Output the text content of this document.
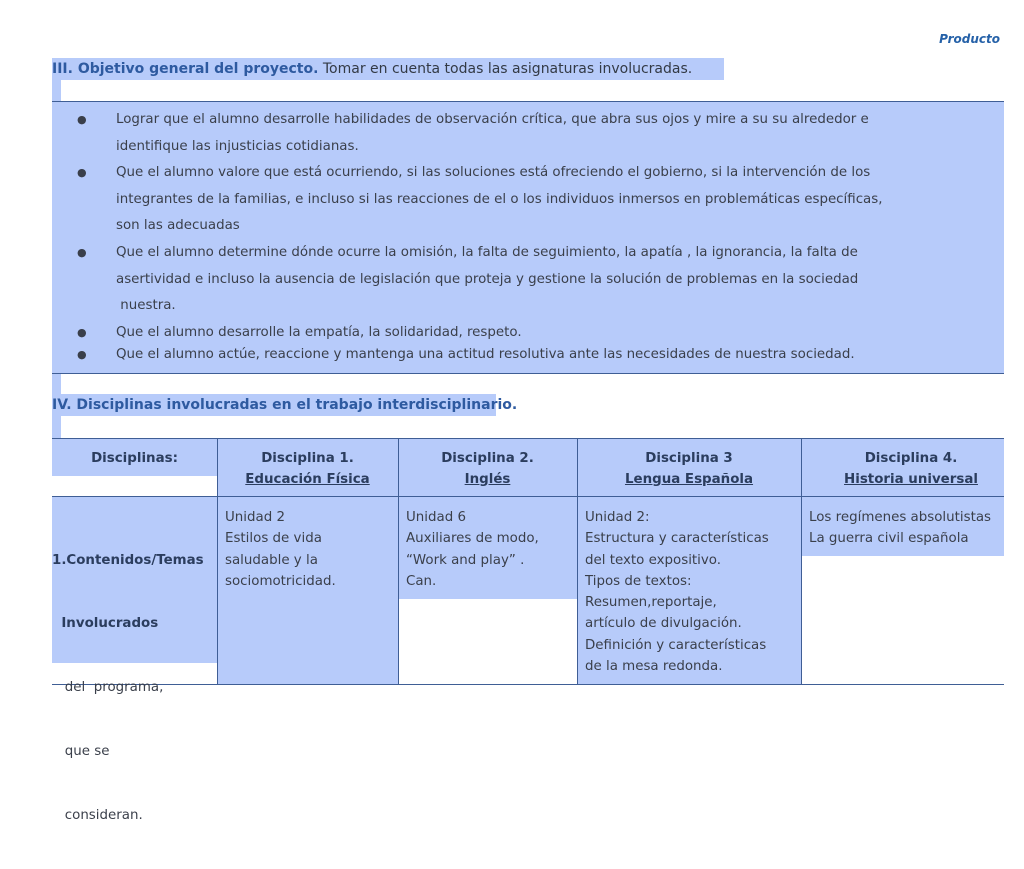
Producto
III. Objetivo general del proyecto. Tomar en cuenta todas las asignaturas involucradas.
● Lograr que el alumno desarrolle habilidades de observación crítica, que abra sus ojos y mire a su su alrededor e
identifique las injusticias cotidianas.
● Que el alumno valore que está ocurriendo, si las soluciones está ofreciendo el gobierno, si la intervención de los
integrantes de la familias, e incluso si las reacciones de el o los individuos inmersos en problemáticas específicas,
son las adecuadas
● Que el alumno determine dónde ocurre la omisión, la falta de seguimiento, la apatía , la ignorancia, la falta de
asertividad e incluso la ausencia de legislación que proteja y gestione la solución de problemas en la sociedad
nuestra.
● Que el alumno desarrolle la empatía, la solidaridad, respeto.
● Que el alumno actúe, reaccione y mantenga una actitud resolutiva ante las necesidades de nuestra sociedad.
IV. Disciplinas involucradas en el trabajo interdisciplinario.
Disciplinas:	Disciplina 1.
Educación Física
Disciplina 2.
Inglés
Disciplina 3
Lengua Española
Disciplina 4.
Historia universal

1.Contenidos/Temas

Involucrados

del  programa,

que se

consideran.

Unidad 2
Estilos de vida
saludable y la
sociomotricidad.
Unidad 6
Auxiliares de modo,
“Work and play” .
Can.
Unidad 2:
Estructura y características
del texto expositivo.
Tipos de textos:
Resumen,reportaje,
artículo de divulgación.
Definición y características
de la mesa redonda.
Los regímenes absolutistas
La guerra civil española
